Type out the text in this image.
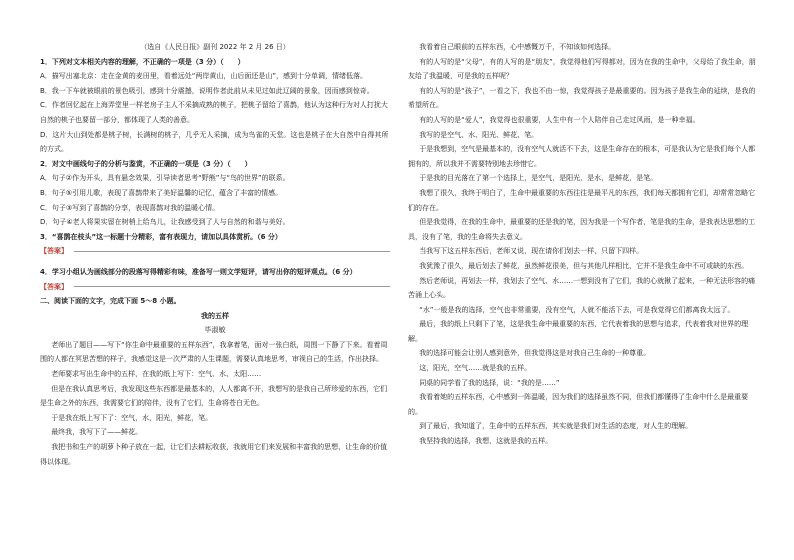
（选自《人民日报》副刊 2022 年 2 月 26 日）

1．下列对文本相关内容的理解，不正确的一项是（3 分）（　　）

A．描写出塞北京：走在金黄的麦田里，看着远处“两岸黄山，山后面还是山”，感到十分单调，情绪低落。

B．我一下车就被眼前的景色吸引，感到十分震撼，说明作者此前从未见过如此辽阔的景象，因而感到惊奇。

C．作者回忆起在上海弄堂里一样老房子主人不采摘成熟的桃子，把桃子留给了喜鹊，他认为这种行为对人打扰大自然的桃子也要留一部分，都体现了人类的善意。

D．这片大山到处都是桃子树，长满树的桃子，几乎无人采摘，成为鸟雀的天堂。这也是桃子在大自然中自得其所的方式。

2．对文中画线句子的分析与鉴赏，不正确的一项是（3 分）（　　）

A．句子②作为开头，具有悬念效果，引导读者思考“野熊”与“鸟的世界”的联系。

B．句子⑤引用儿歌，表现了喜鹊带来了美好温馨的记忆，蕴含了丰富的情感。

C．句子③写到了喜鹊的分享，表现喜鹊对我的温暖心情。

D．句子④老人将果实留在树梢上给鸟儿，让我感受到了人与自然的和谐与美好。

3．“喜鹊在枝头”这一标题十分精彩，富有表现力，请加以具体赏析。（6 分）

【答案】

4．学习小组认为画线部分的段落写得精彩有味，准备写一则文学短评，请写出你的短评观点。（6 分）

【答案】

二、阅读下面的文字，完成下面 5～8 小题。

我的五样

毕淑敏

老师出了题目——写下“你生命中最重要的五样东西”，我拿着笔，面对一张白纸，周围一下静了下来。看着周围的人都在冥思苦想的样子，我感觉这是一次严肃的人生课题，需要认真地思考，审视自己的生活，作出抉择。

老师要求写出生命中的五样，在我的纸上写下：空气、水、太阳……

但是在我认真思考后，我发现这些东西都是最基本的，人人都离不开，我想写的是我自己所珍爱的东西，它们是生命之外的东西，我需要它们的陪伴，没有了它们，生命将苍白无色。

于是我在纸上写下了：空气，水，阳光，鲜花，笔。

最终我，我写下了——鲜花。

我把书和生产的胡萝卜种子放在一起，让它们去耕耘收获，我就用它们来发展和丰富我的思想，让生命的价值得以体现。

我看着自己眼前的五样东西，心中感慨万千，不知该如何选择。

有的人写的是“父母”，有的人写的是“朋友”，我觉得他们写得都对，因为在我的生命中，父母给了我生命，朋友给了我温暖，可是我的五样呢？

有的人写的是“孩子”，一看之下，我也不由一惊，我觉得孩子是最重要的。因为孩子是我生命的延续，是我的希望所在。

有的人写的是“爱人”，我觉得也很重要，人生中有一个人陪伴自己走过风雨，是一种幸福。

我写的是空气、水、阳光、鲜花、笔。

于是我想到，空气是最基本的，没有空气人就活不下去，这是生命存在的根本，可是我认为它是我们每个人都拥有的，所以我并不需要特别地去珍惜它。

于是我的目光落在了第一个选择上，是空气，是阳光，是水，是鲜花，是笔。

我想了很久，我终于明白了，生命中最重要的东西往往是最平凡的东西，我们每天都拥有它们，却常常忽略它们的存在。

但是我觉得，在我的生命中，最重要的还是我的笔，因为我是一个写作者，笔是我的生命，是我表达思想的工具，没有了笔，我的生命将失去意义。

当我写下这五样东西后，老师又说，现在请你们划去一样，只留下四样。

我犹豫了很久，最后划去了鲜花，虽然鲜花很美，但与其他几样相比，它并不是我生命中不可或缺的东西。

然后老师说，再划去一样，我划去了空气、水……一想到没有了它们，我的心就揪了起来，一种无法形容的痛苦涌上心头。

“水”一般是我的选择，空气也非常重要，没有空气，人就不能活下去，可是我觉得它们都离我太远了。

最后，我的纸上只剩下了笔，这是我生命中最重要的东西，它代表着我的思想与追求，代表着我对世界的理解。

我的选择可能会让别人感到意外，但我觉得这是对我自己生命的一种尊重。

这，阳光，空气……就是我的五样。

同桌的同学看了我的选择，说：“我的是……”

我看着她的五样东西，心中感到一阵温暖，因为我们的选择虽然不同，但我们都懂得了生命中什么是最重要的。

到了最后，我知道了，生命中的五样东西，其实就是我们对生活的态度，对人生的理解。

我坚持我的选择，我想，这就是我的五样。
